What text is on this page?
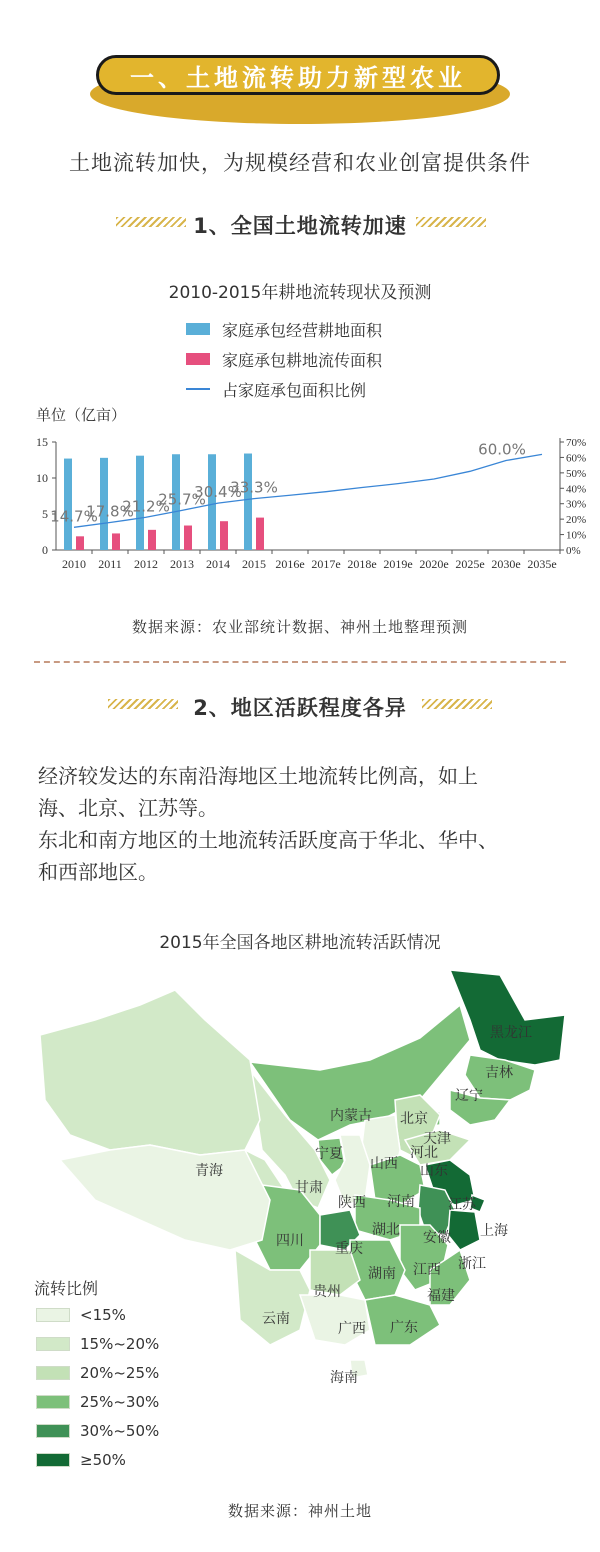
一、土地流转助力新型农业
土地流转加快，为规模经营和农业创富提供条件
1、全国土地流转加速
2010-2015年耕地流转现状及预测
家庭承包经营耕地面积
家庭承包耕地流传面积
占家庭承包面积比例
单位（亿亩）
0
5
10
15
0%
10%
20%
30%
40%
50%
60%
70%
2010 2011 2012 2013 2014 2015 2016e 2017e 2018e 2019e 2020e 2025e 2030e 2035e
14.7%
17.8%
21.2%
25.7%
30.4%
33.3%
60.0%
数据来源：农业部统计数据、神州土地整理预测
2、地区活跃程度各异
经济较发达的东南沿海地区土地流转比例高，如上
海、北京、江苏等。
东北和南方地区的土地流转活跃度高于华北、华中、
和西部地区。
2015年全国各地区耕地流转活跃情况
黑龙江
吉林
辽宁
内蒙古 北京
天津
河北
山西 山东
宁夏
青海
甘肃
陕西 河南 江苏
安徽 上海
湖北
四川 重庆
浙江
江西
湖南
贵州	福建
云南
广西 广东
海南
流转比例
<15%
15%~20%
20%~25%
25%~30%
30%~50%
≥50%
数据来源：神州土地
